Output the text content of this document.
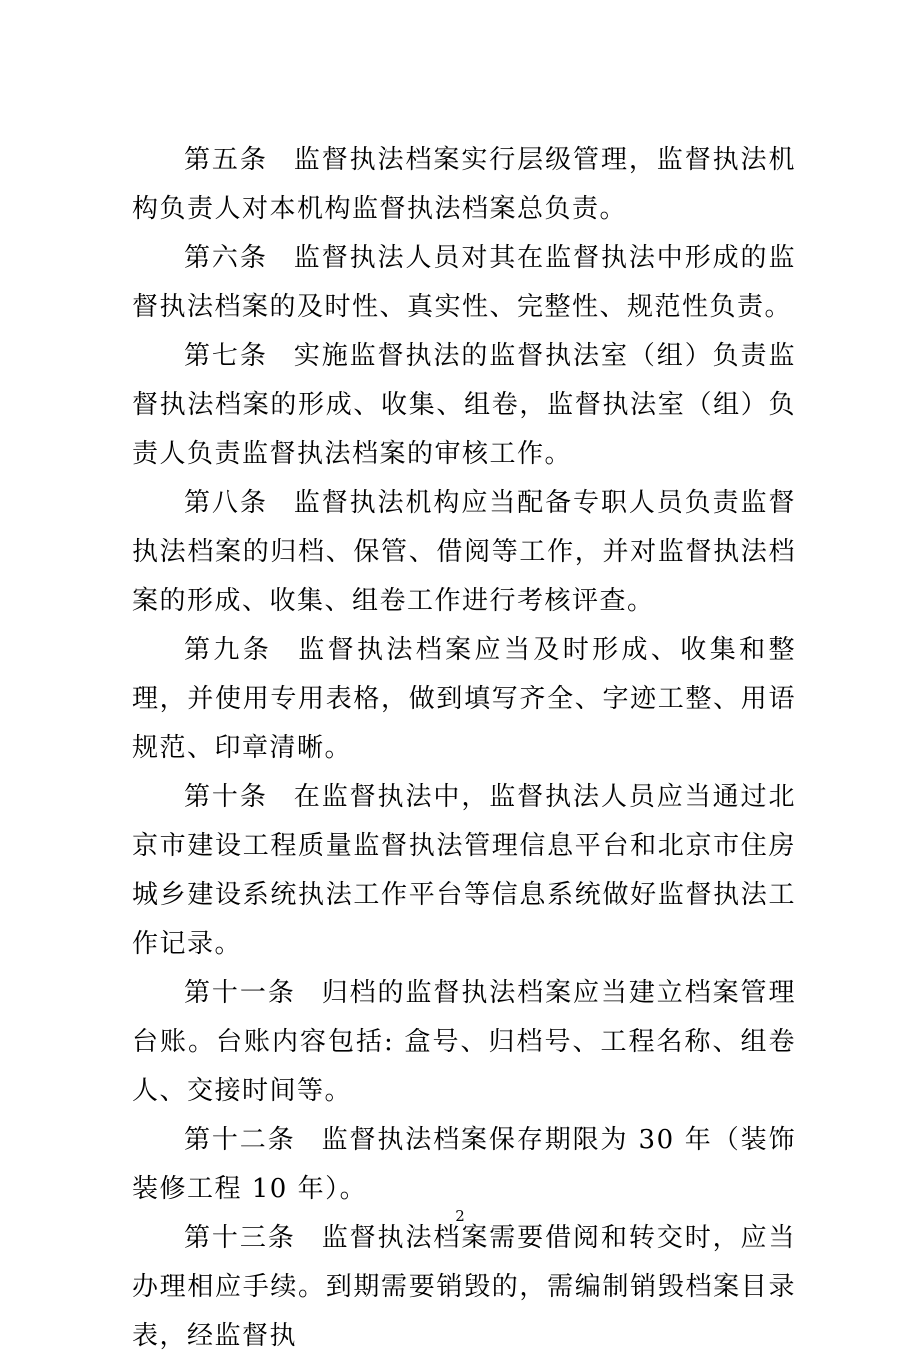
第五条 监督执法档案实行层级管理，监督执法机构负责人对本机构监督执法档案总负责。

第六条 监督执法人员对其在监督执法中形成的监督执法档案的及时性、真实性、完整性、规范性负责。

第七条 实施监督执法的监督执法室（组）负责监督执法档案的形成、收集、组卷，监督执法室（组）负责人负责监督执法档案的审核工作。

第八条 监督执法机构应当配备专职人员负责监督执法档案的归档、保管、借阅等工作，并对监督执法档案的形成、收集、组卷工作进行考核评查。

第九条 监督执法档案应当及时形成、收集和整理，并使用专用表格，做到填写齐全、字迹工整、用语规范、印章清晰。

第十条 在监督执法中，监督执法人员应当通过北京市建设工程质量监督执法管理信息平台和北京市住房城乡建设系统执法工作平台等信息系统做好监督执法工作记录。

第十一条 归档的监督执法档案应当建立档案管理台账。台账内容包括: 盒号、归档号、工程名称、组卷人、交接时间等。

第十二条 监督执法档案保存期限为 30 年（装饰装修工程 10 年）。

第十三条 监督执法档案需要借阅和转交时，应当办理相应手续。到期需要销毁的，需编制销毁档案目录表，经监督执

2
